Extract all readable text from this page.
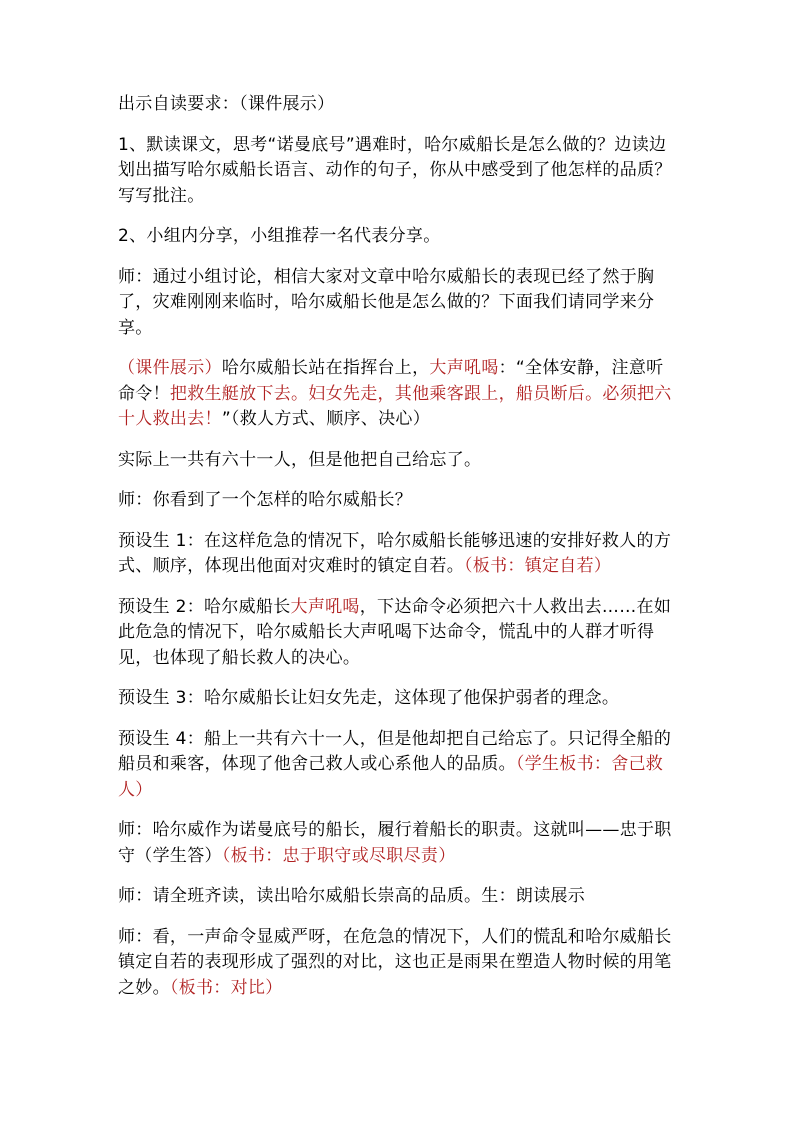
出示自读要求：（课件展示）

1、默读课文，思考“诺曼底号”遇难时，哈尔威船长是怎么做的？边读边划出描写哈尔威船长语言、动作的句子，你从中感受到了他怎样的品质？写写批注。

2、小组内分享，小组推荐一名代表分享。

师：通过小组讨论，相信大家对文章中哈尔威船长的表现已经了然于胸了，灾难刚刚来临时，哈尔威船长他是怎么做的？下面我们请同学来分享。

（课件展示）哈尔威船长站在指挥台上，大声吼喝：“全体安静，注意听命令！把救生艇放下去。妇女先走，其他乘客跟上，船员断后。必须把六十人救出去！”（救人方式、顺序、决心）

实际上一共有六十一人，但是他把自己给忘了。

师：你看到了一个怎样的哈尔威船长？

预设生 1：在这样危急的情况下，哈尔威船长能够迅速的安排好救人的方式、顺序，体现出他面对灾难时的镇定自若。（板书：镇定自若）

预设生 2：哈尔威船长大声吼喝，下达命令必须把六十人救出去……在如此危急的情况下，哈尔威船长大声吼喝下达命令，慌乱中的人群才听得见，也体现了船长救人的决心。

预设生 3：哈尔威船长让妇女先走，这体现了他保护弱者的理念。

预设生 4：船上一共有六十一人，但是他却把自己给忘了。只记得全船的船员和乘客，体现了他舍己救人或心系他人的品质。（学生板书：舍己救人）

师：哈尔威作为诺曼底号的船长，履行着船长的职责。这就叫——忠于职守（学生答）（板书：忠于职守或尽职尽责）

师：请全班齐读，读出哈尔威船长崇高的品质。生：朗读展示

师：看，一声命令显威严呀，在危急的情况下，人们的慌乱和哈尔威船长镇定自若的表现形成了强烈的对比，这也正是雨果在塑造人物时候的用笔之妙。（板书：对比）
